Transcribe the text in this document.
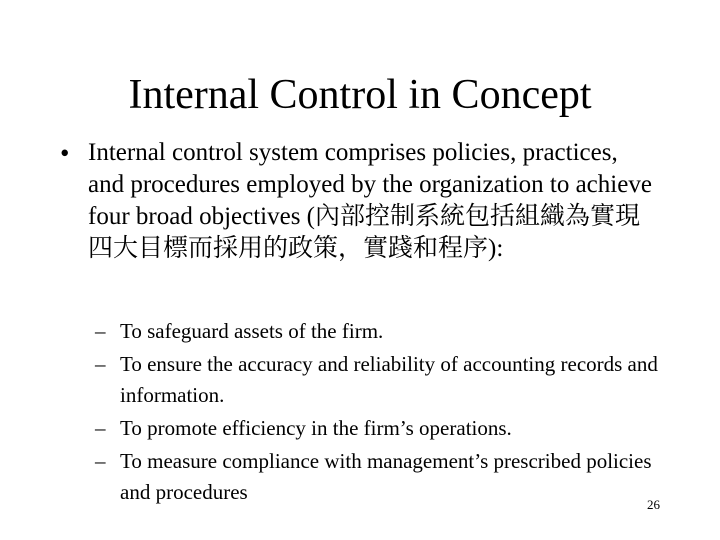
Internal Control in Concept
• Internal control system comprises policies, practices, and procedures employed by the organization to achieve four broad objectives (內部控制系統包括組織為實現四大目標而採用的政策，實踐和程序):
– To safeguard assets of the firm.
– To ensure the accuracy and reliability of accounting records and information.
– To promote efficiency in the firm’s operations.
– To measure compliance with management’s prescribed policies and procedures
26
